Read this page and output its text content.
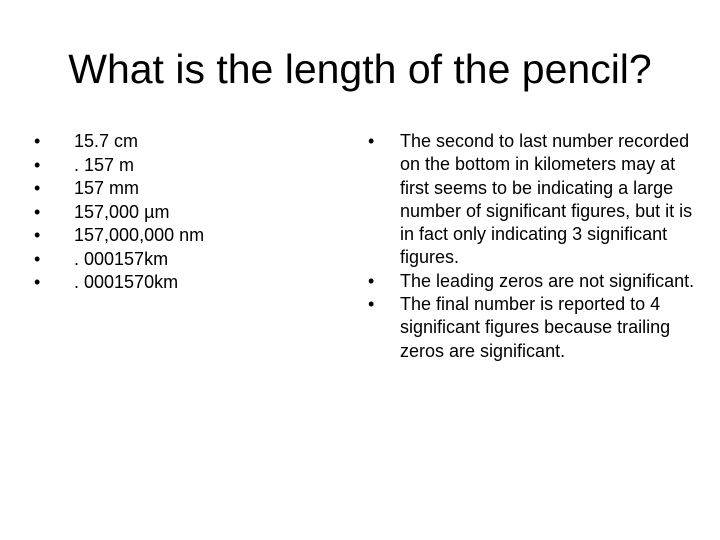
What is the length of the pencil?
• 15.7 cm
• . 157 m
• 157 mm
• 157,000 µm
• 157,000,000 nm
• . 000157km
• . 0001570km
• The second to last number recorded on the bottom in kilometers may at first seems to be indicating a large number of significant figures, but it is in fact only indicating 3 significant figures.
• The leading zeros are not significant.
• The final number is reported to 4 significant figures because trailing zeros are significant.
